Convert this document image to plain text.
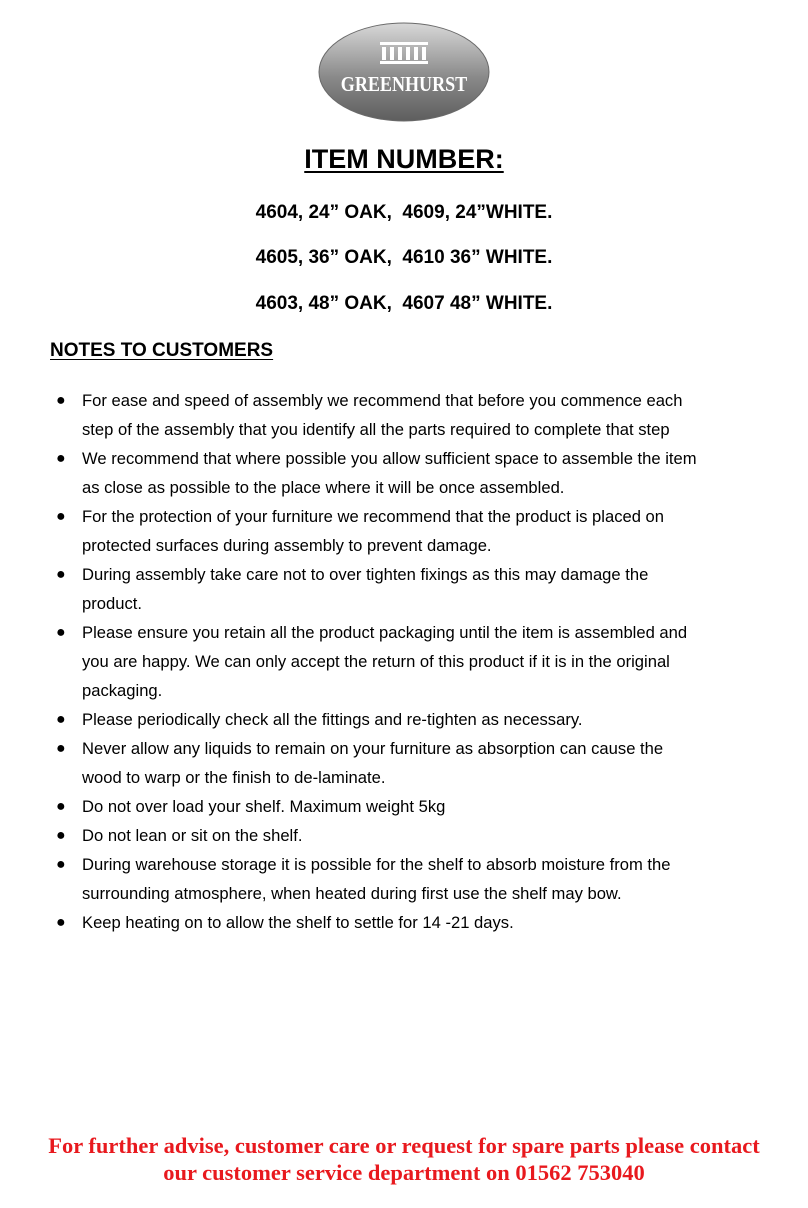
GREENHURST
ITEM NUMBER:
4604, 24” OAK,  4609, 24”WHITE.
4605, 36” OAK,  4610 36” WHITE.
4603, 48” OAK,  4607 48” WHITE.
NOTES TO CUSTOMERS
● For ease and speed of assembly we recommend that before you commence each
step of the assembly that you identify all the parts required to complete that step
● We recommend that where possible you allow sufficient space to assemble the item
as close as possible to the place where it will be once assembled.
● For the protection of your furniture we recommend that the product is placed on
protected surfaces during assembly to prevent damage.
● During assembly take care not to over tighten fixings as this may damage the
product.
● Please ensure you retain all the product packaging until the item is assembled and
you are happy. We can only accept the return of this product if it is in the original
packaging.
● Please periodically check all the fittings and re-tighten as necessary.
● Never allow any liquids to remain on your furniture as absorption can cause the
wood to warp or the finish to de-laminate.
● Do not over load your shelf. Maximum weight 5kg
● Do not lean or sit on the shelf.
● During warehouse storage it is possible for the shelf to absorb moisture from the
surrounding atmosphere, when heated during first use the shelf may bow.
● Keep heating on to allow the shelf to settle for 14 -21 days.
For further advise, customer care or request for spare parts please contact
our customer service department on 01562 753040
